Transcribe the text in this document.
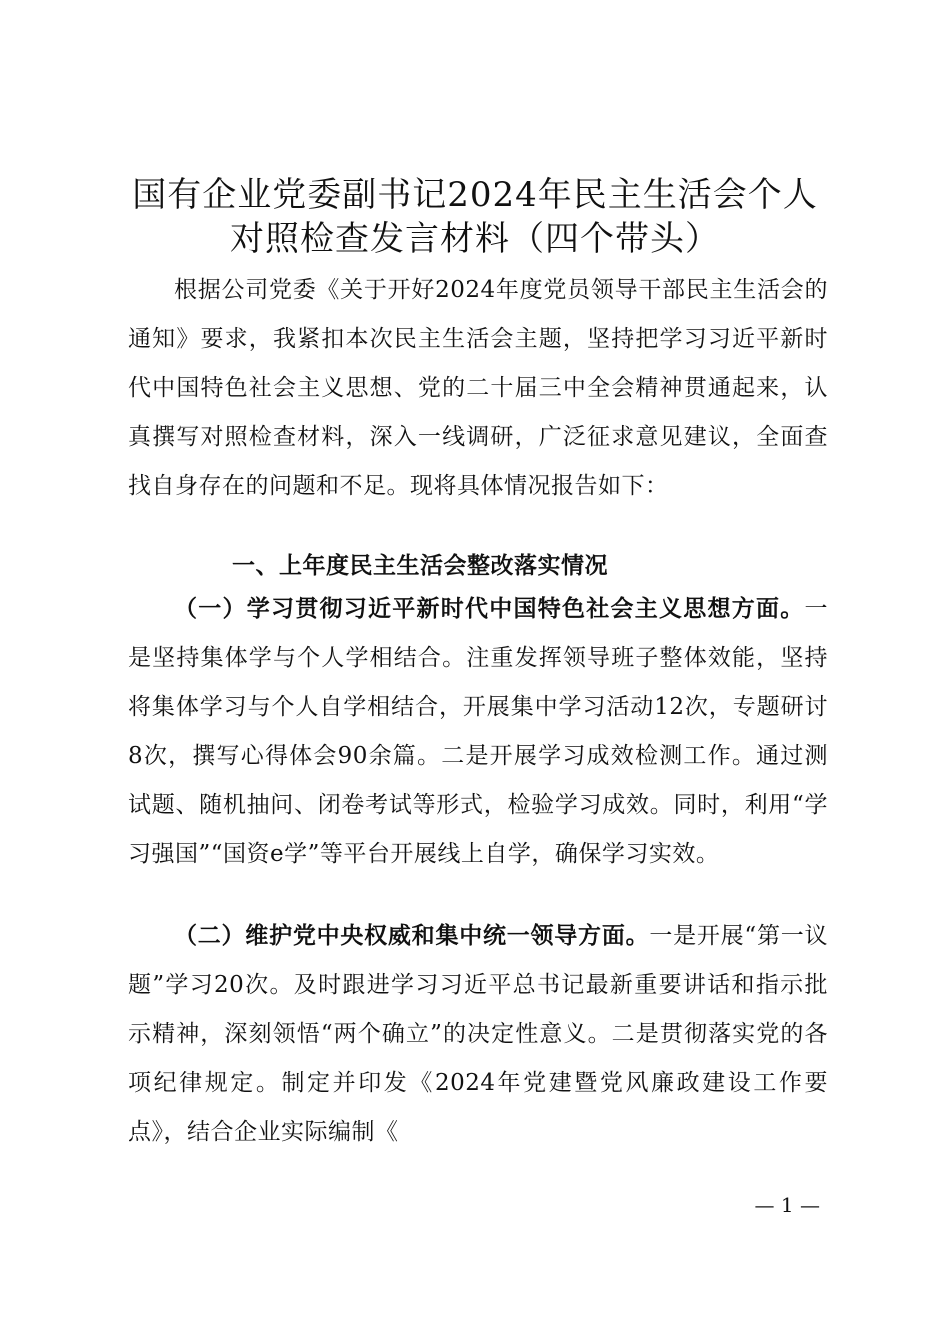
国有企业党委副书记2024年民主生活会个人
对照检查发言材料（四个带头）

根据公司党委《关于开好2024年度党员领导干部民主生活会的通知》要求，我紧扣本次民主生活会主题，坚持把学习习近平新时代中国特色社会主义思想、党的二十届三中全会精神贯通起来，认真撰写对照检查材料，深入一线调研，广泛征求意见建议，全面查找自身存在的问题和不足。现将具体情况报告如下：

一、上年度民主生活会整改落实情况

（一）学习贯彻习近平新时代中国特色社会主义思想方面。一是坚持集体学与个人学相结合。注重发挥领导班子整体效能，坚持将集体学习与个人自学相结合，开展集中学习活动12次，专题研讨8次，撰写心得体会90余篇。二是开展学习成效检测工作。通过测试题、随机抽问、闭卷考试等形式，检验学习成效。同时，利用“学习强国”“国资e学”等平台开展线上自学，确保学习实效。

（二）维护党中央权威和集中统一领导方面。一是开展“第一议题”学习20次。及时跟进学习习近平总书记最新重要讲话和指示批示精神，深刻领悟“两个确立”的决定性意义。二是贯彻落实党的各项纪律规定。制定并印发《2024年党建暨党风廉政建设工作要点》，结合企业实际编制《

— 1 —
